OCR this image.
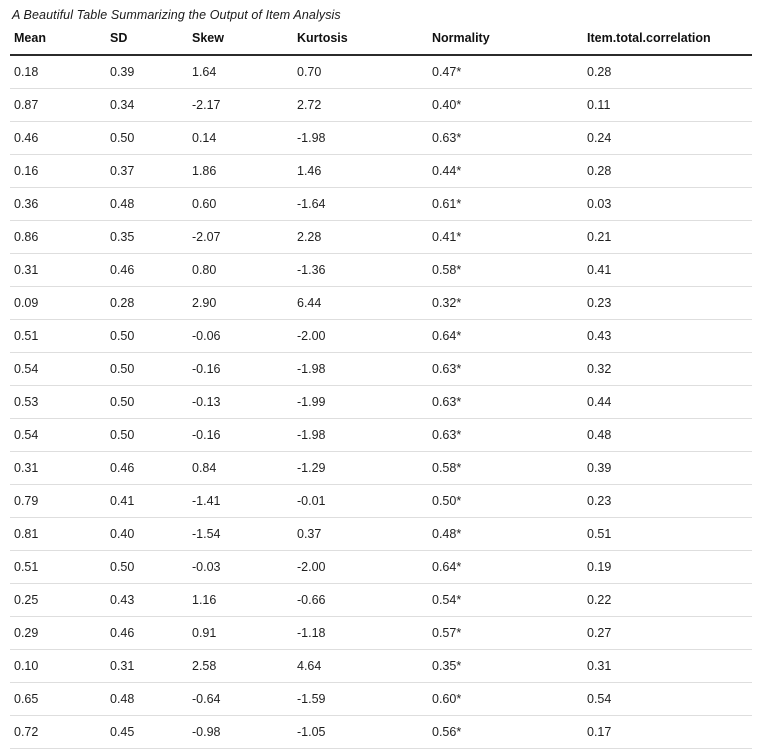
A Beautiful Table Summarizing the Output of Item Analysis
Mean	SD	Skew	Kurtosis	Normality	Item.total.correlation
0.18	0.39	1.64	0.70	0.47*	0.28
0.87	0.34	-2.17	2.72	0.40*	0.11
0.46	0.50	0.14	-1.98	0.63*	0.24
0.16	0.37	1.86	1.46	0.44*	0.28
0.36	0.48	0.60	-1.64	0.61*	0.03
0.86	0.35	-2.07	2.28	0.41*	0.21
0.31	0.46	0.80	-1.36	0.58*	0.41
0.09	0.28	2.90	6.44	0.32*	0.23
0.51	0.50	-0.06	-2.00	0.64*	0.43
0.54	0.50	-0.16	-1.98	0.63*	0.32
0.53	0.50	-0.13	-1.99	0.63*	0.44
0.54	0.50	-0.16	-1.98	0.63*	0.48
0.31	0.46	0.84	-1.29	0.58*	0.39
0.79	0.41	-1.41	-0.01	0.50*	0.23
0.81	0.40	-1.54	0.37	0.48*	0.51
0.51	0.50	-0.03	-2.00	0.64*	0.19
0.25	0.43	1.16	-0.66	0.54*	0.22
0.29	0.46	0.91	-1.18	0.57*	0.27
0.10	0.31	2.58	4.64	0.35*	0.31
0.65	0.48	-0.64	-1.59	0.60*	0.54
0.72	0.45	-0.98	-1.05	0.56*	0.17
